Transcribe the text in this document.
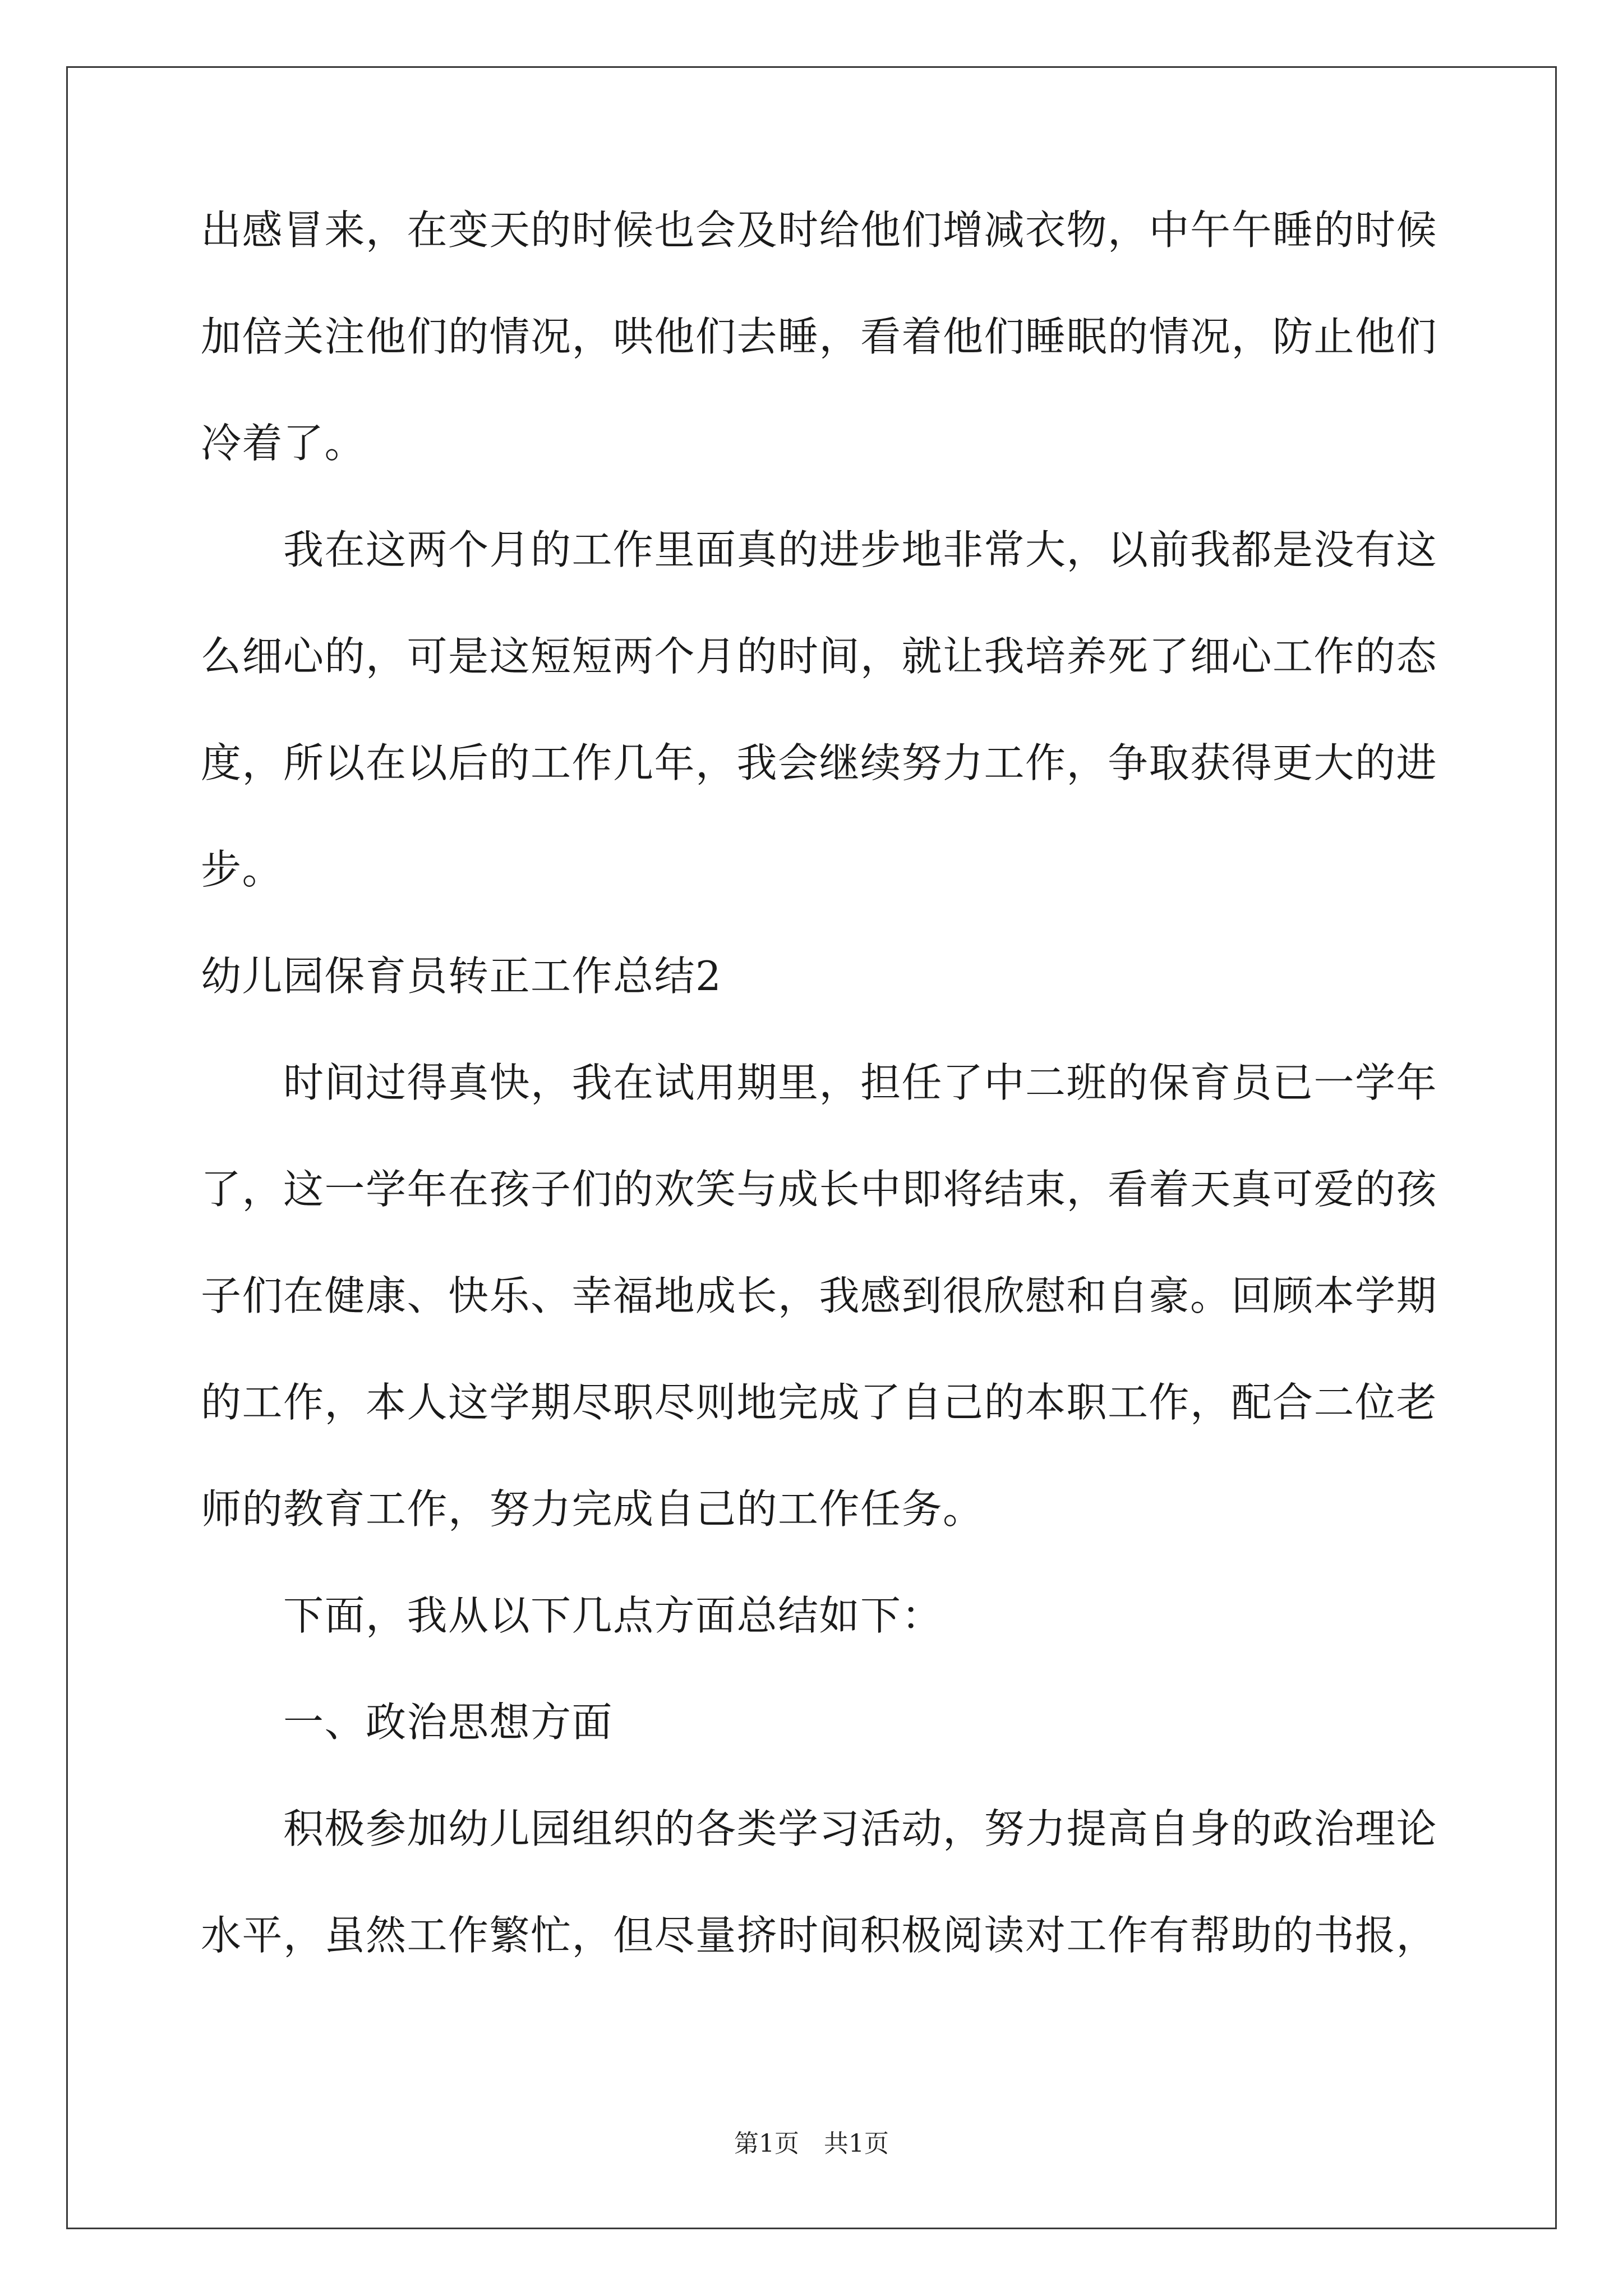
出感冒来，在变天的时候也会及时给他们增减衣物，中午午睡的时候
加倍关注他们的情况，哄他们去睡，看着他们睡眠的情况，防止他们
冷着了。
　　我在这两个月的工作里面真的进步地非常大，以前我都是没有这
么细心的，可是这短短两个月的时间，就让我培养死了细心工作的态
度，所以在以后的工作几年，我会继续努力工作，争取获得更大的进
步。
幼儿园保育员转正工作总结2
　　时间过得真快，我在试用期里，担任了中二班的保育员已一学年
了，这一学年在孩子们的欢笑与成长中即将结束，看着天真可爱的孩
子们在健康、快乐、幸福地成长，我感到很欣慰和自豪。回顾本学期
的工作，本人这学期尽职尽则地完成了自己的本职工作，配合二位老
师的教育工作，努力完成自己的工作任务。
　　下面，我从以下几点方面总结如下：
　　一、政治思想方面
　　积极参加幼儿园组织的各类学习活动，努力提高自身的政治理论
水平，虽然工作繁忙，但尽量挤时间积极阅读对工作有帮助的书报，
第1页 共1页
